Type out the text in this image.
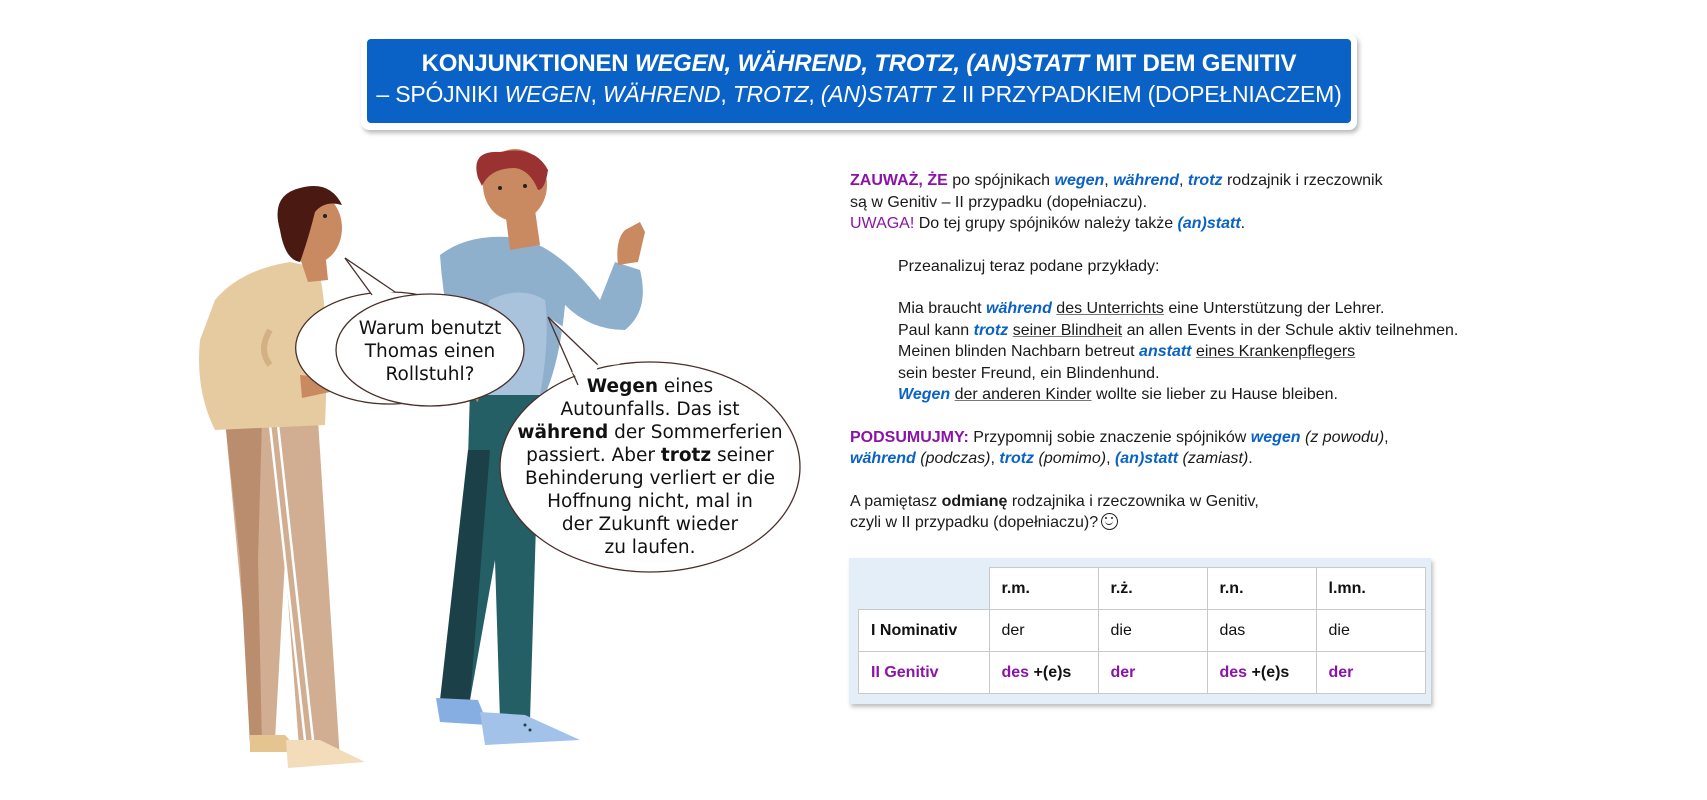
KONJUNKTIONEN WEGEN, WÄHREND, TROTZ, (AN)STATT MIT DEM GENITIV
– SPÓJNIKI WEGEN, WÄHREND, TROTZ, (AN)STATT Z II PRZYPADKIEM (DOPEŁNIACZEM)
Warum benutzt
Thomas einen
Rollstuhl?
Wegen eines
Autounfalls. Das ist
während der Sommerferien
passiert. Aber trotz seiner
Behinderung verliert er die
Hoffnung nicht, mal in
der Zukunft wieder
zu laufen.
ZAUWAŻ, ŻE po spójnikach wegen, während, trotz rodzajnik i rzeczownik
są w Genitiv – II przypadku (dopełniaczu).
UWAGA! Do tej grupy spójników należy także (an)statt.
Przeanalizuj teraz podane przykłady:
Mia braucht während des Unterrichts eine Unterstützung der Lehrer.
Paul kann trotz seiner Blindheit an allen Events in der Schule aktiv teilnehmen.
Meinen blinden Nachbarn betreut anstatt eines Krankenpflegers
sein bester Freund, ein Blindenhund.
Wegen der anderen Kinder wollte sie lieber zu Hause bleiben.
PODSUMUJMY: Przypomnij sobie znaczenie spójników wegen (z powodu),
während (podczas), trotz (pomimo), (an)statt (zamiast).
A pamiętasz odmianę rodzajnika i rzeczownika w Genitiv,
czyli w II przypadku (dopełniaczu)?
	r.m.	r.ż.	r.n.	l.mn.
I Nominativ	der	die	das	die
II Genitiv	des +(e)s	der	des +(e)s	der
